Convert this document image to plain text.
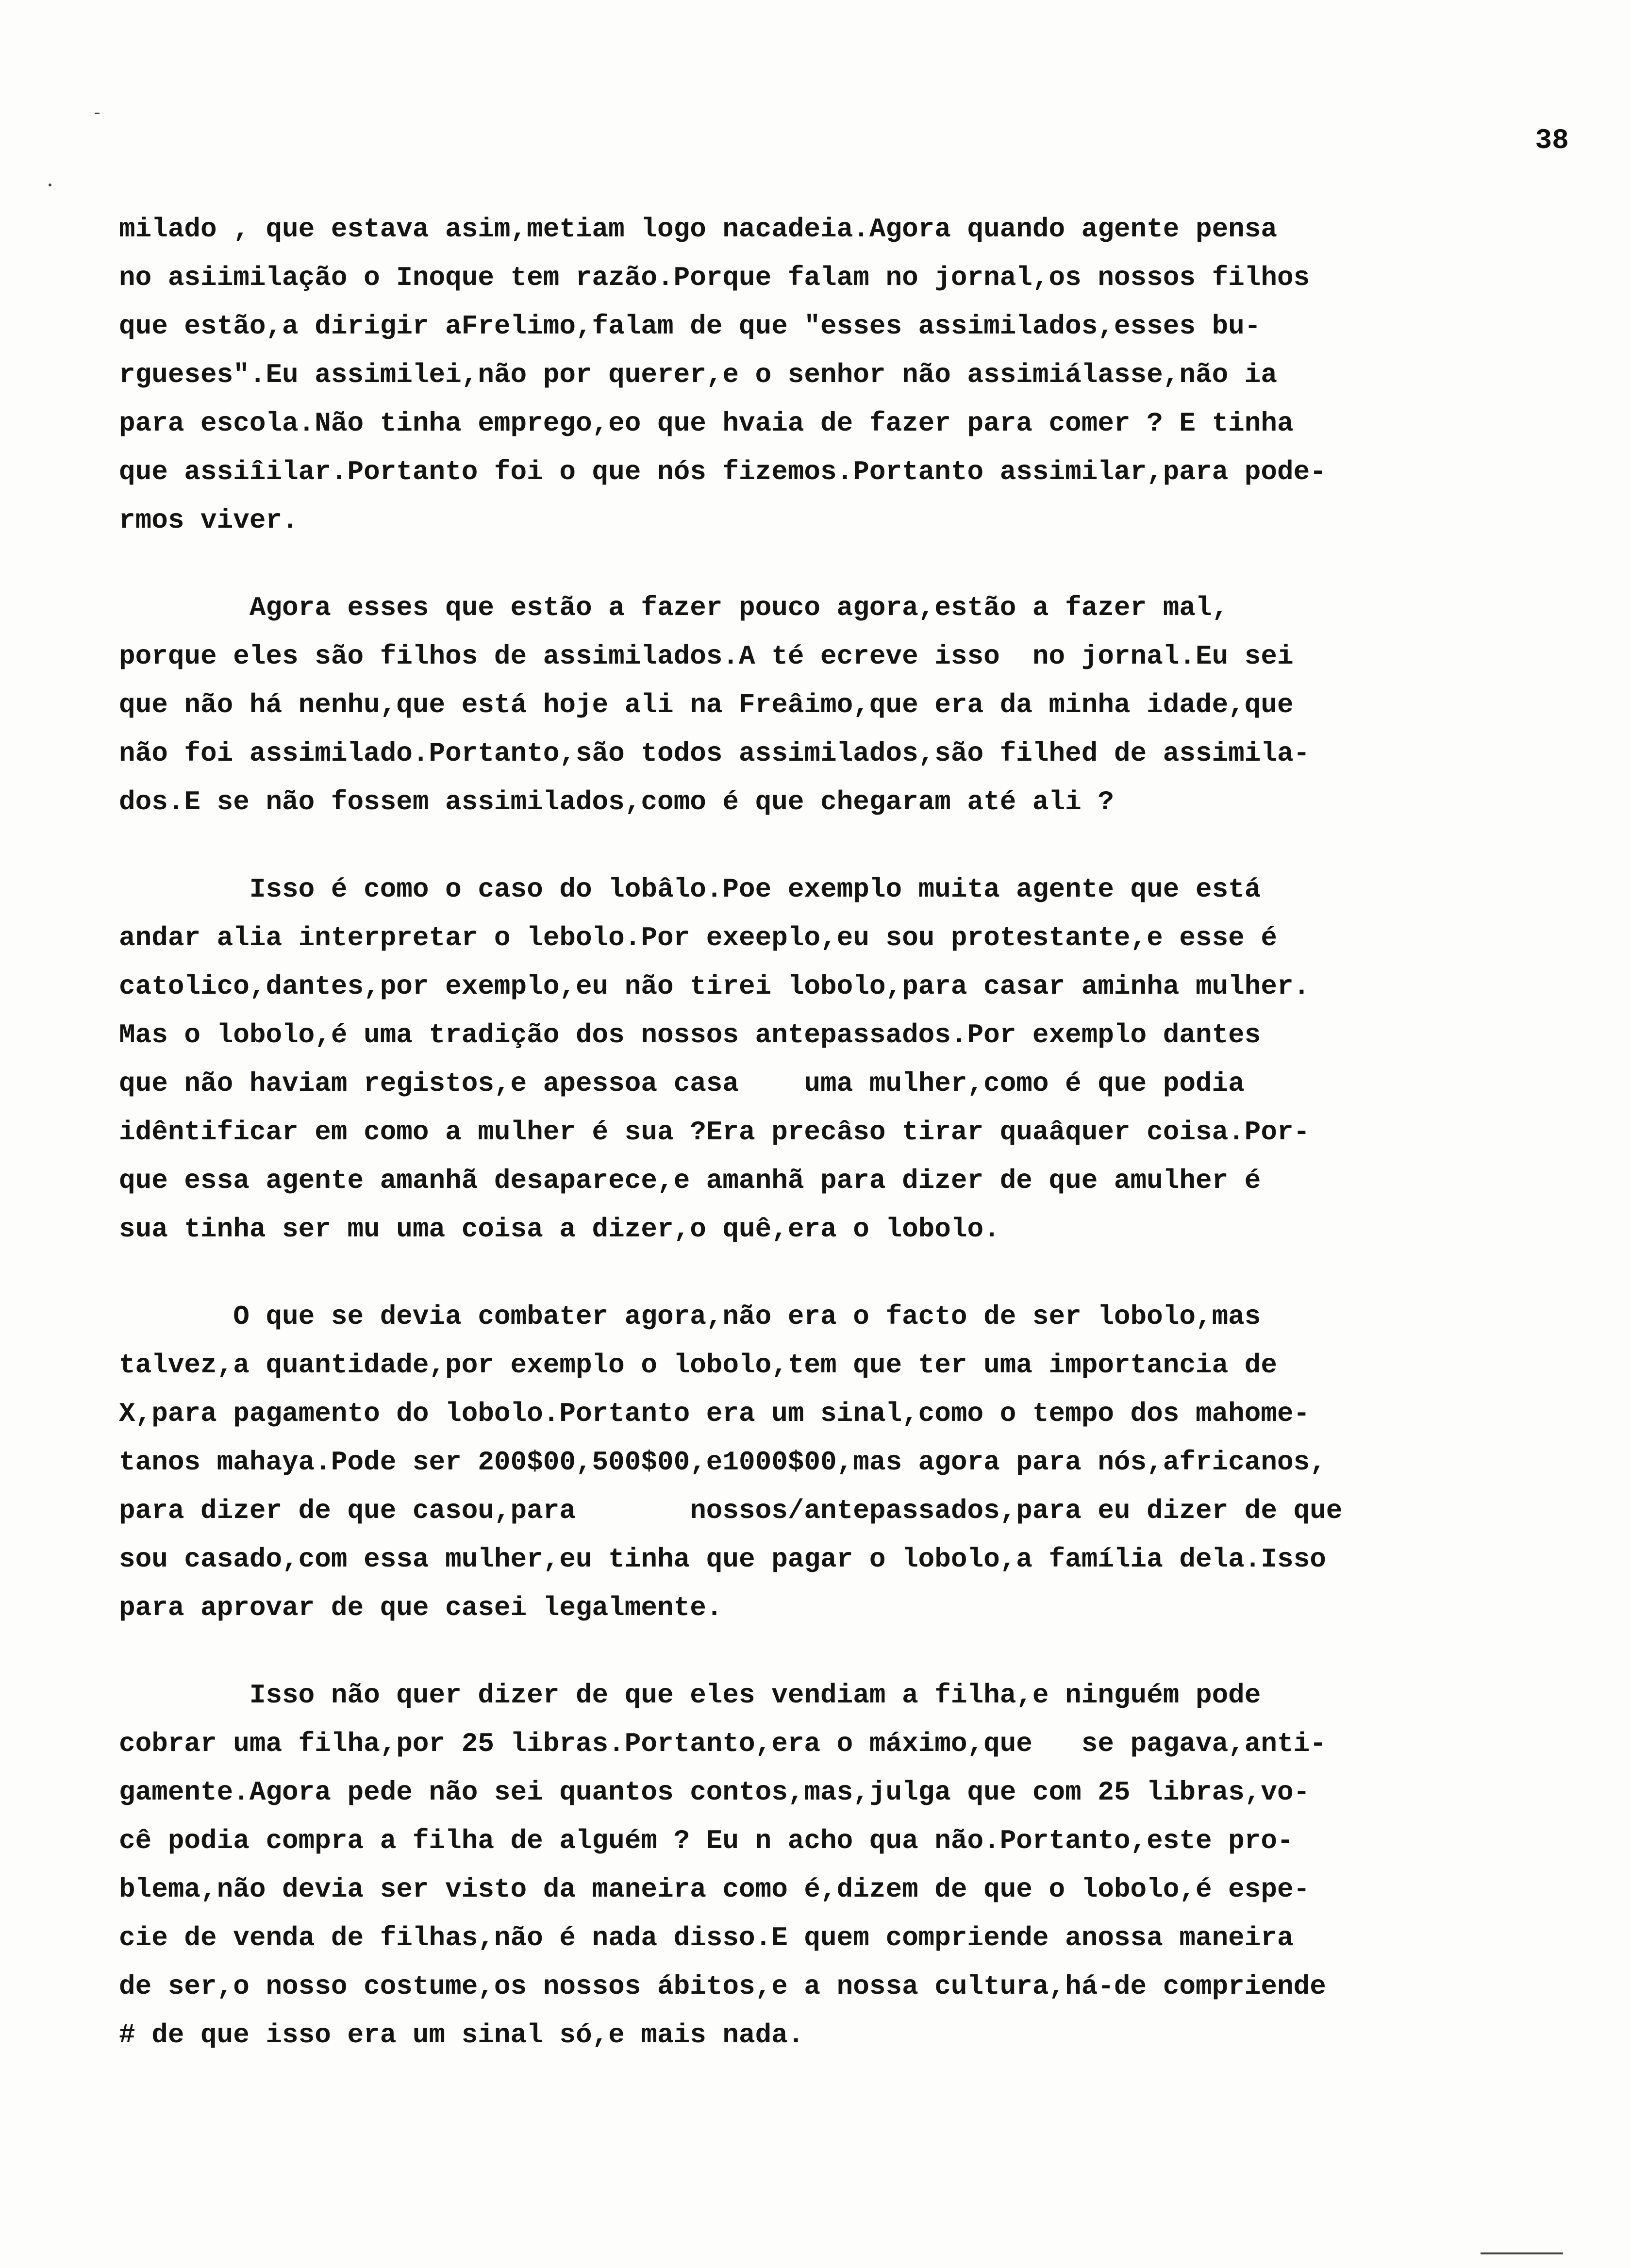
38
milado , que estava asim,metiam logo nacadeia.Agora quando agente pensa
no asiimilação o Inoque tem razão.Porque falam no jornal,os nossos filhos
que estão,a dirigir aFrelimo,falam de que "esses assimilados,esses bu-
rgueses".Eu assimilei,não por querer,e o senhor não assimiálasse,não ia
para escola.Não tinha emprego,eo que hvaia de fazer para comer ? E tinha
que assiîilar.Portanto foi o que nós fizemos.Portanto assimilar,para pode-
rmos viver.
Agora esses que estão a fazer pouco agora,estão a fazer mal,
porque eles são filhos de assimilados.A té ecreve isso  no jornal.Eu sei
que não há nenhu,que está hoje ali na Freâimo,que era da minha idade,que
não foi assimilado.Portanto,são todos assimilados,são filhed de assimila-
dos.E se não fossem assimilados,como é que chegaram até ali ?
Isso é como o caso do lobâlo.Poe exemplo muita agente que está
andar alia interpretar o lebolo.Por exeeplo,eu sou protestante,e esse é
catolico,dantes,por exemplo,eu não tirei lobolo,para casar aminha mulher.
Mas o lobolo,é uma tradição dos nossos antepassados.Por exemplo dantes
que não haviam registos,e apessoa casa    uma mulher,como é que podia
idêntificar em como a mulher é sua ?Era precâso tirar quaâquer coisa.Por-
que essa agente amanhã desaparece,e amanhã para dizer de que amulher é
sua tinha ser mu uma coisa a dizer,o quê,era o lobolo.
O que se devia combater agora,não era o facto de ser lobolo,mas
talvez,a quantidade,por exemplo o lobolo,tem que ter uma importancia de
X,para pagamento do lobolo.Portanto era um sinal,como o tempo dos mahome-
tanos mahaya.Pode ser 200$00,500$00,e1000$00,mas agora para nós,africanos,
para dizer de que casou,para       nossos/antepassados,para eu dizer de que
sou casado,com essa mulher,eu tinha que pagar o lobolo,a família dela.Isso
para aprovar de que casei legalmente.
Isso não quer dizer de que eles vendiam a filha,e ninguém pode
cobrar uma filha,por 25 libras.Portanto,era o máximo,que   se pagava,anti-
gamente.Agora pede não sei quantos contos,mas,julga que com 25 libras,vo-
cê podia compra a filha de alguém ? Eu n acho qua não.Portanto,este pro-
blema,não devia ser visto da maneira como é,dizem de que o lobolo,é espe-
cie de venda de filhas,não é nada disso.E quem compriende anossa maneira
de ser,o nosso costume,os nossos ábitos,e a nossa cultura,há-de compriende
# de que isso era um sinal só,e mais nada.
